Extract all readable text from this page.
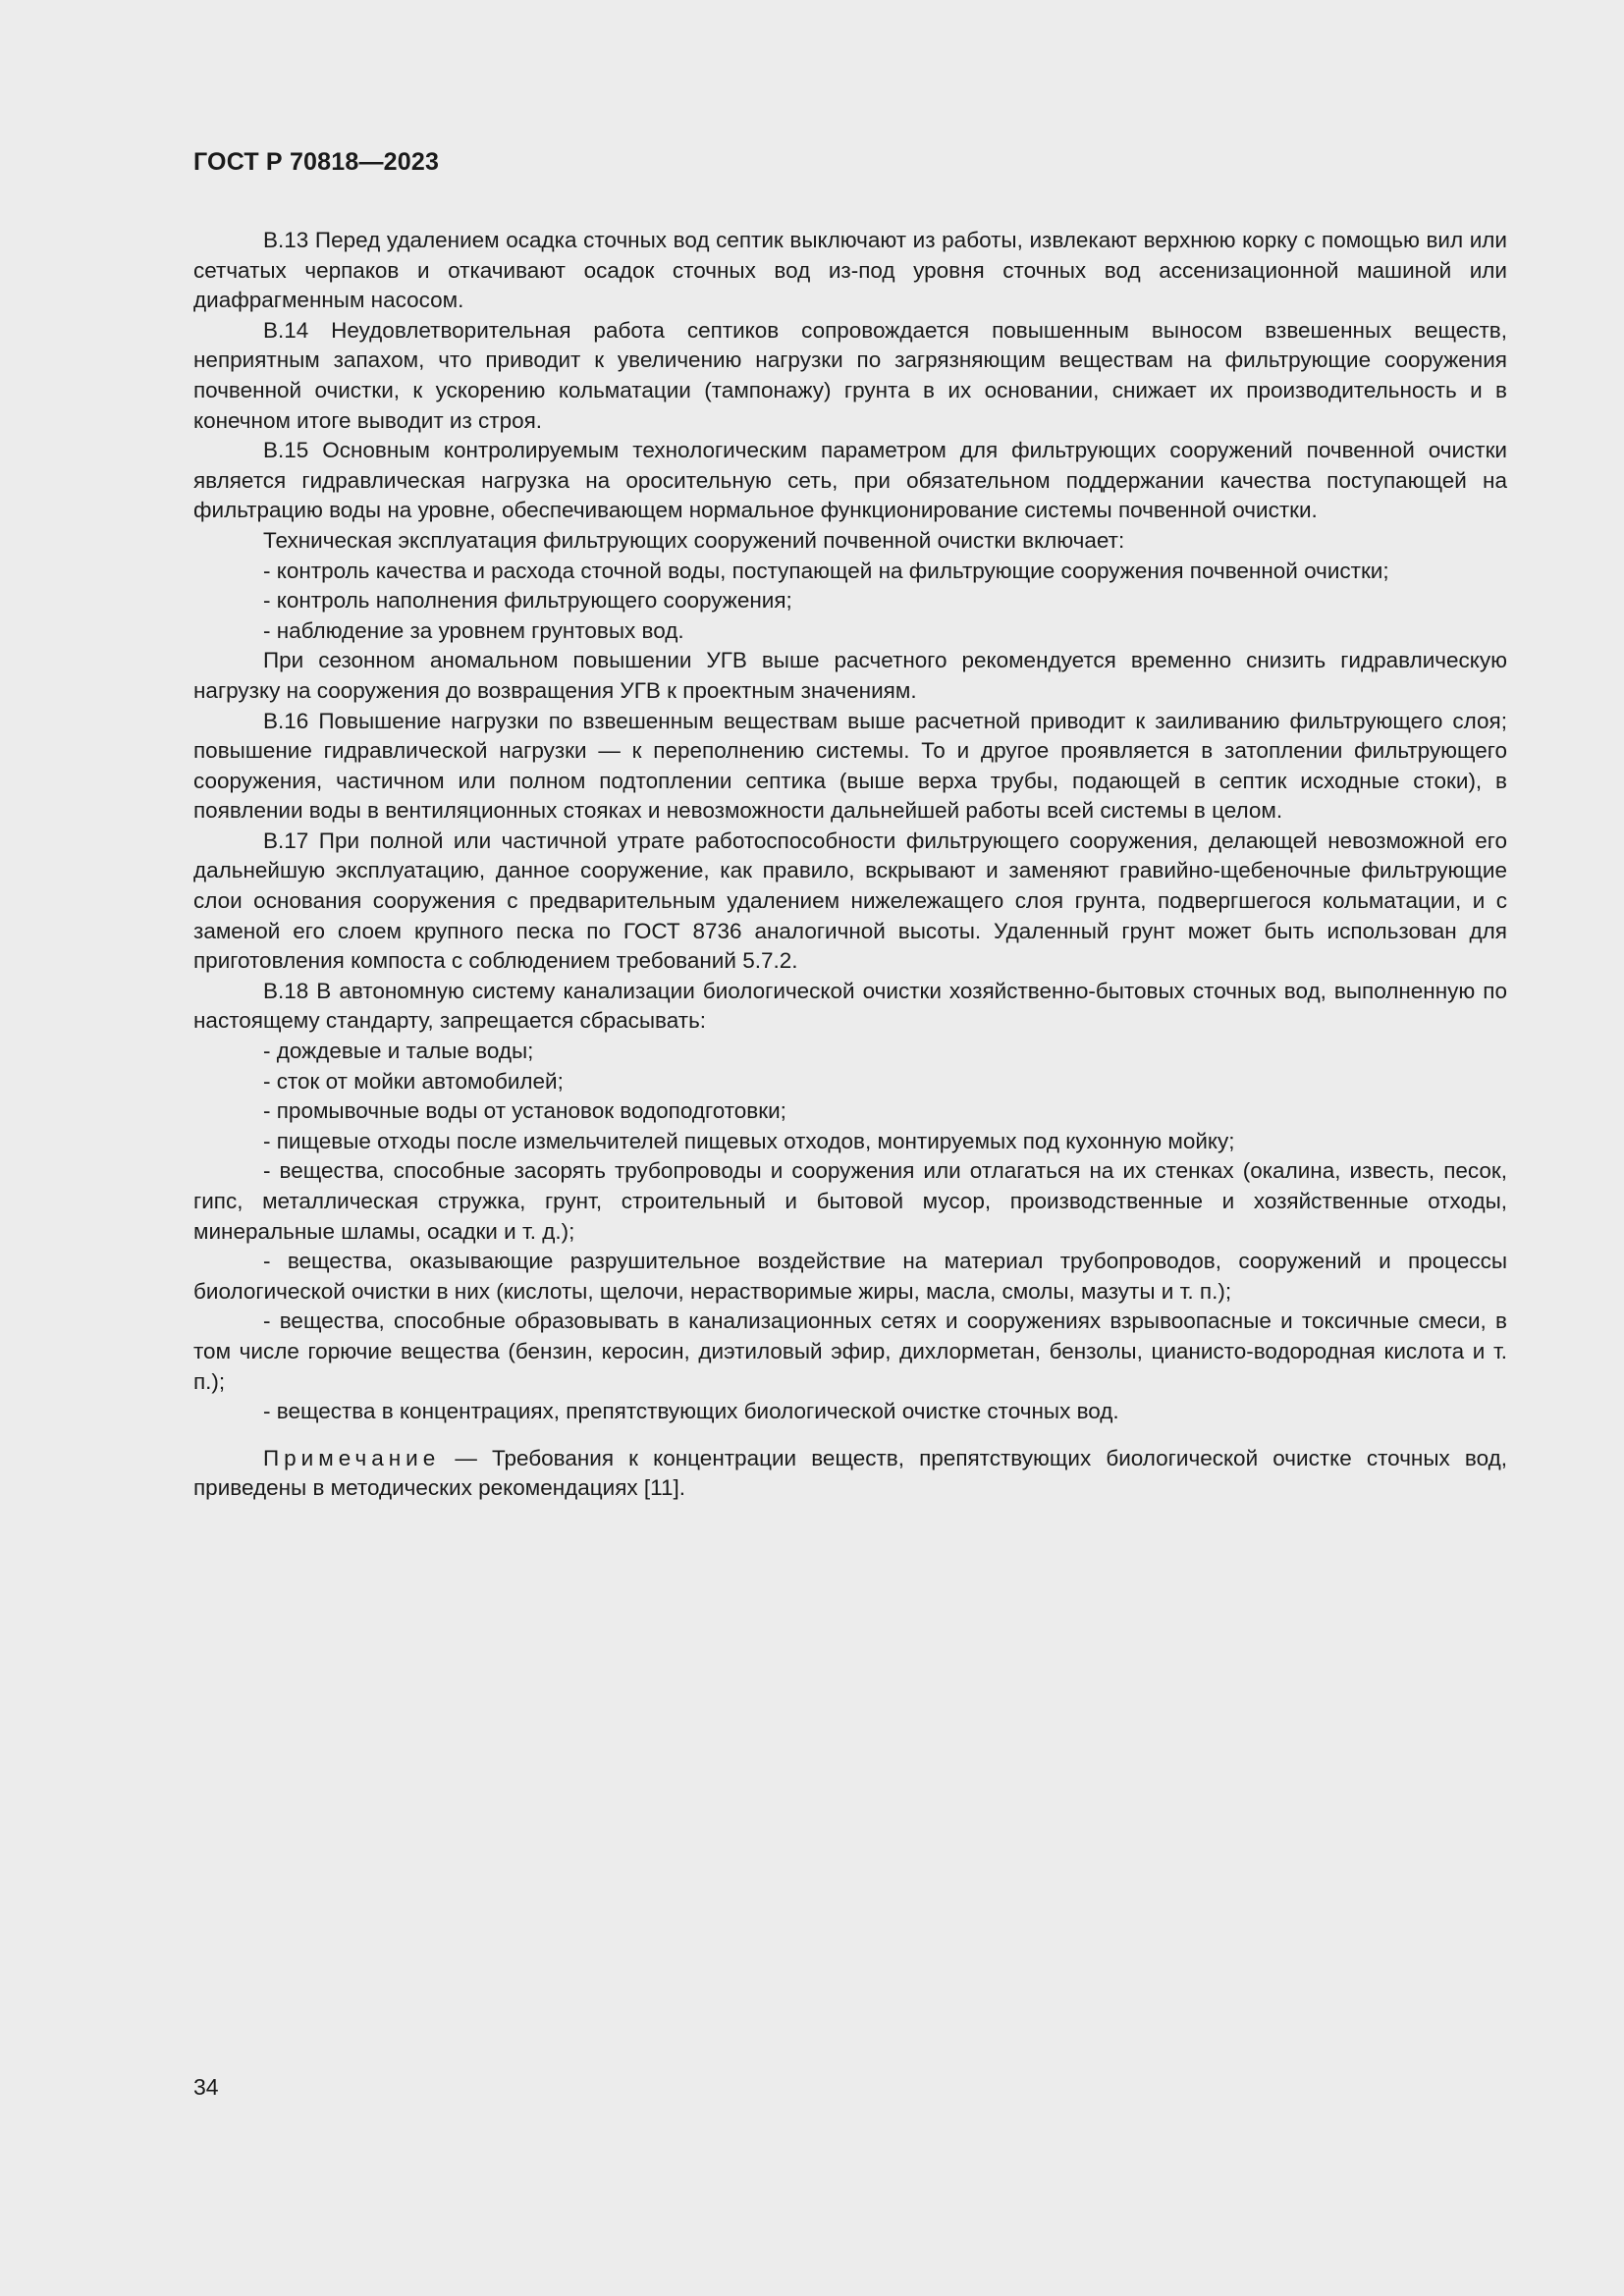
ГОСТ Р 70818—2023

В.13 Перед удалением осадка сточных вод септик выключают из работы, извлекают верхнюю корку с помощью вил или сетчатых черпаков и откачивают осадок сточных вод из-под уровня сточных вод ассенизационной машиной или диафрагменным насосом.

В.14 Неудовлетворительная работа септиков сопровождается повышенным выносом взвешенных веществ, неприятным запахом, что приводит к увеличению нагрузки по загрязняющим веществам на фильтрующие сооружения почвенной очистки, к ускорению кольматации (тампонажу) грунта в их основании, снижает их производительность и в конечном итоге выводит из строя.

В.15 Основным контролируемым технологическим параметром для фильтрующих сооружений почвенной очистки является гидравлическая нагрузка на оросительную сеть, при обязательном поддержании качества поступающей на фильтрацию воды на уровне, обеспечивающем нормальное функционирование системы почвенной очистки.

Техническая эксплуатация фильтрующих сооружений почвенной очистки включает:

- контроль качества и расхода сточной воды, поступающей на фильтрующие сооружения почвенной очистки;

- контроль наполнения фильтрующего сооружения;

- наблюдение за уровнем грунтовых вод.

При сезонном аномальном повышении УГВ выше расчетного рекомендуется временно снизить гидравлическую нагрузку на сооружения до возвращения УГВ к проектным значениям.

В.16 Повышение нагрузки по взвешенным веществам выше расчетной приводит к заиливанию фильтрующего слоя; повышение гидравлической нагрузки — к переполнению системы. То и другое проявляется в затоплении фильтрующего сооружения, частичном или полном подтоплении септика (выше верха трубы, подающей в септик исходные стоки), в появлении воды в вентиляционных стояках и невозможности дальнейшей работы всей системы в целом.

В.17 При полной или частичной утрате работоспособности фильтрующего сооружения, делающей невозможной его дальнейшую эксплуатацию, данное сооружение, как правило, вскрывают и заменяют гравийно-щебеночные фильтрующие слои основания сооружения с предварительным удалением нижележащего слоя грунта, подвергшегося кольматации, и с заменой его слоем крупного песка по ГОСТ 8736 аналогичной высоты. Удаленный грунт может быть использован для приготовления компоста с соблюдением требований 5.7.2.

В.18 В автономную систему канализации биологической очистки хозяйственно-бытовых сточных вод, выполненную по настоящему стандарту, запрещается сбрасывать:

- дождевые и талые воды;

- сток от мойки автомобилей;

- промывочные воды от установок водоподготовки;

- пищевые отходы после измельчителей пищевых отходов, монтируемых под кухонную мойку;

- вещества, способные засорять трубопроводы и сооружения или отлагаться на их стенках (окалина, известь, песок, гипс, металлическая стружка, грунт, строительный и бытовой мусор, производственные и хозяйственные отходы, минеральные шламы, осадки и т. д.);

- вещества, оказывающие разрушительное воздействие на материал трубопроводов, сооружений и процессы биологической очистки в них (кислоты, щелочи, нерастворимые жиры, масла, смолы, мазуты и т. п.);

- вещества, способные образовывать в канализационных сетях и сооружениях взрывоопасные и токсичные смеси, в том числе горючие вещества (бензин, керосин, диэтиловый эфир, дихлорметан, бензолы, цианисто-водородная кислота и т. п.);

- вещества в концентрациях, препятствующих биологической очистке сточных вод.

Примечание — Требования к концентрации веществ, препятствующих биологической очистке сточных вод, приведены в методических рекомендациях [11].

34
